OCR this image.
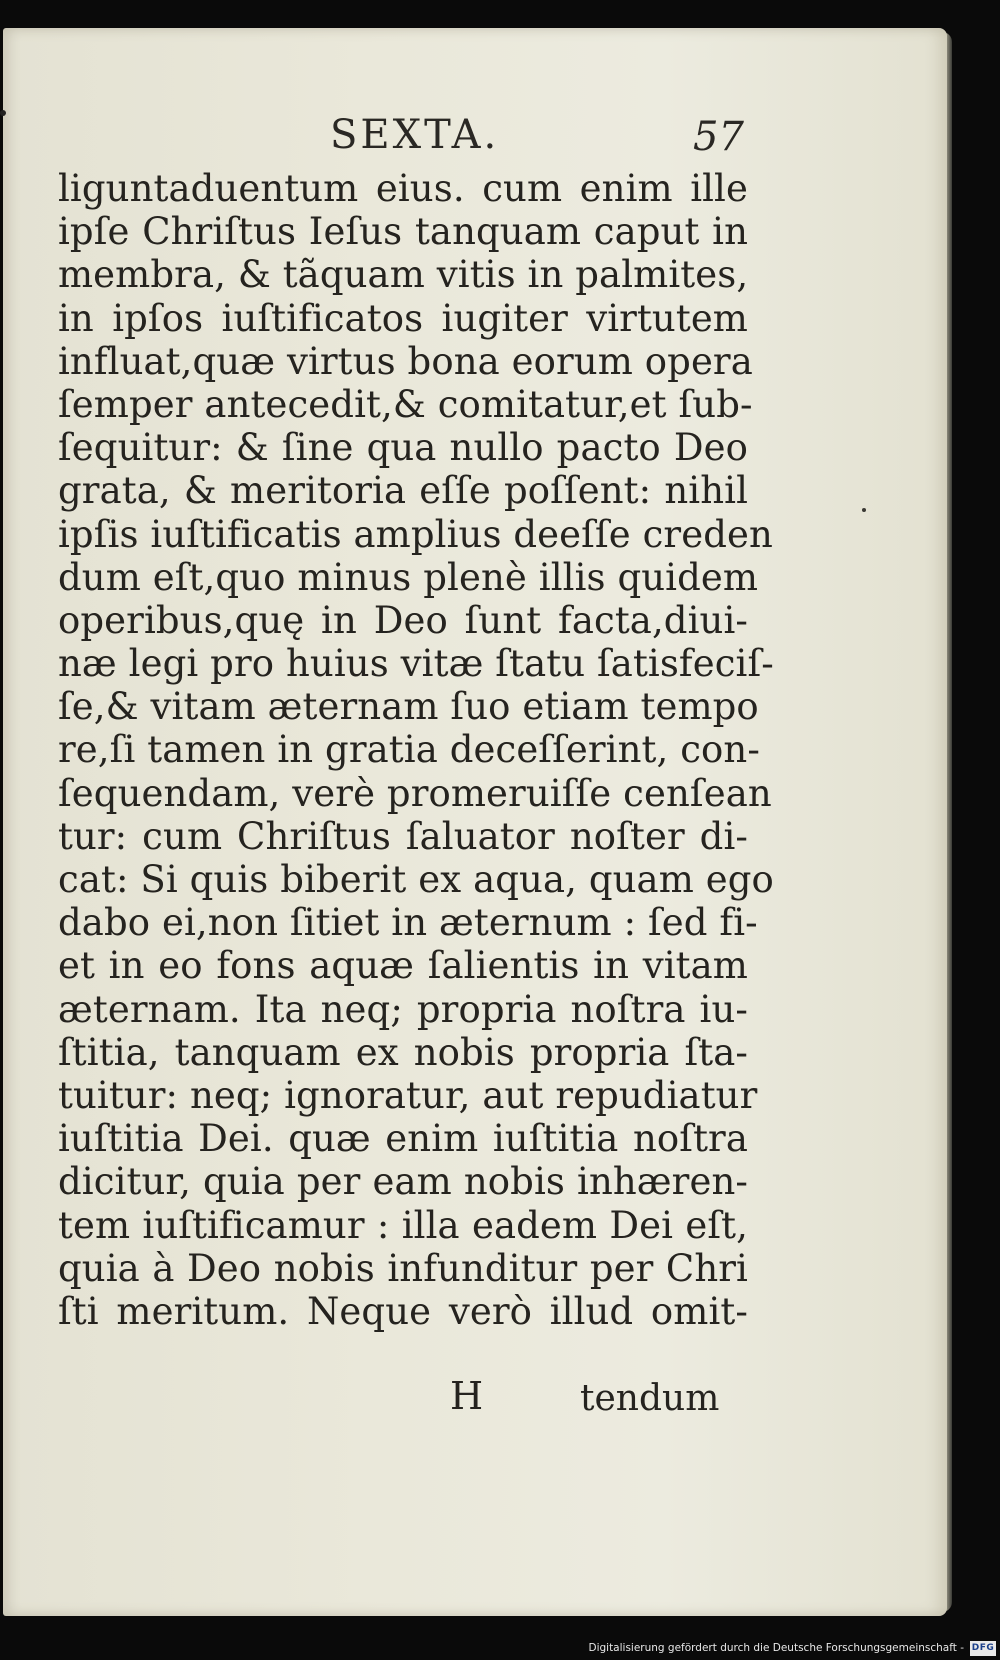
SEXTA.	57
liguntaduentum eius. cum enim ille
ipſe Chriſtus Ieſus tanquam caput in
membra, & tãquam vitis in palmites,
in ipſos iuſtificatos iugiter virtutem
influat,quæ virtus bona eorum opera
ſemper antecedit,& comitatur,et ſub-
ſequitur: & ſine qua nullo pacto Deo
grata, & meritoria eſſe poſſent: nihil
ipſis iuſtificatis amplius deeſſe creden
dum eſt,quo minus plenè illis quidem
operibus,quę in Deo ſunt facta,diui-
næ legi pro huius vitæ ſtatu ſatisfeciſ-
ſe,& vitam æternam ſuo etiam tempo
re,ſi tamen in gratia deceſſerint, con-
ſequendam, verè promeruiſſe cenſean
tur: cum Chriſtus ſaluator noſter di-
cat: Si quis biberit ex aqua, quam ego
dabo ei,non ſitiet in æternum : ſed fi-
et in eo fons aquæ ſalientis in vitam
æternam. Ita neq; propria noſtra iu-
ſtitia, tanquam ex nobis propria ſta-
tuitur: neq; ignoratur, aut repudiatur
iuſtitia Dei. quæ enim iuſtitia noſtra
dicitur, quia per eam nobis inhæren-
tem iuſtificamur : illa eadem Dei eſt,
quia à Deo nobis infunditur per Chri
ſti meritum. Neque verò illud omit-
H	tendum
Digitalisierung gefördert durch die Deutsche Forschungsgemeinschaft - DFG
